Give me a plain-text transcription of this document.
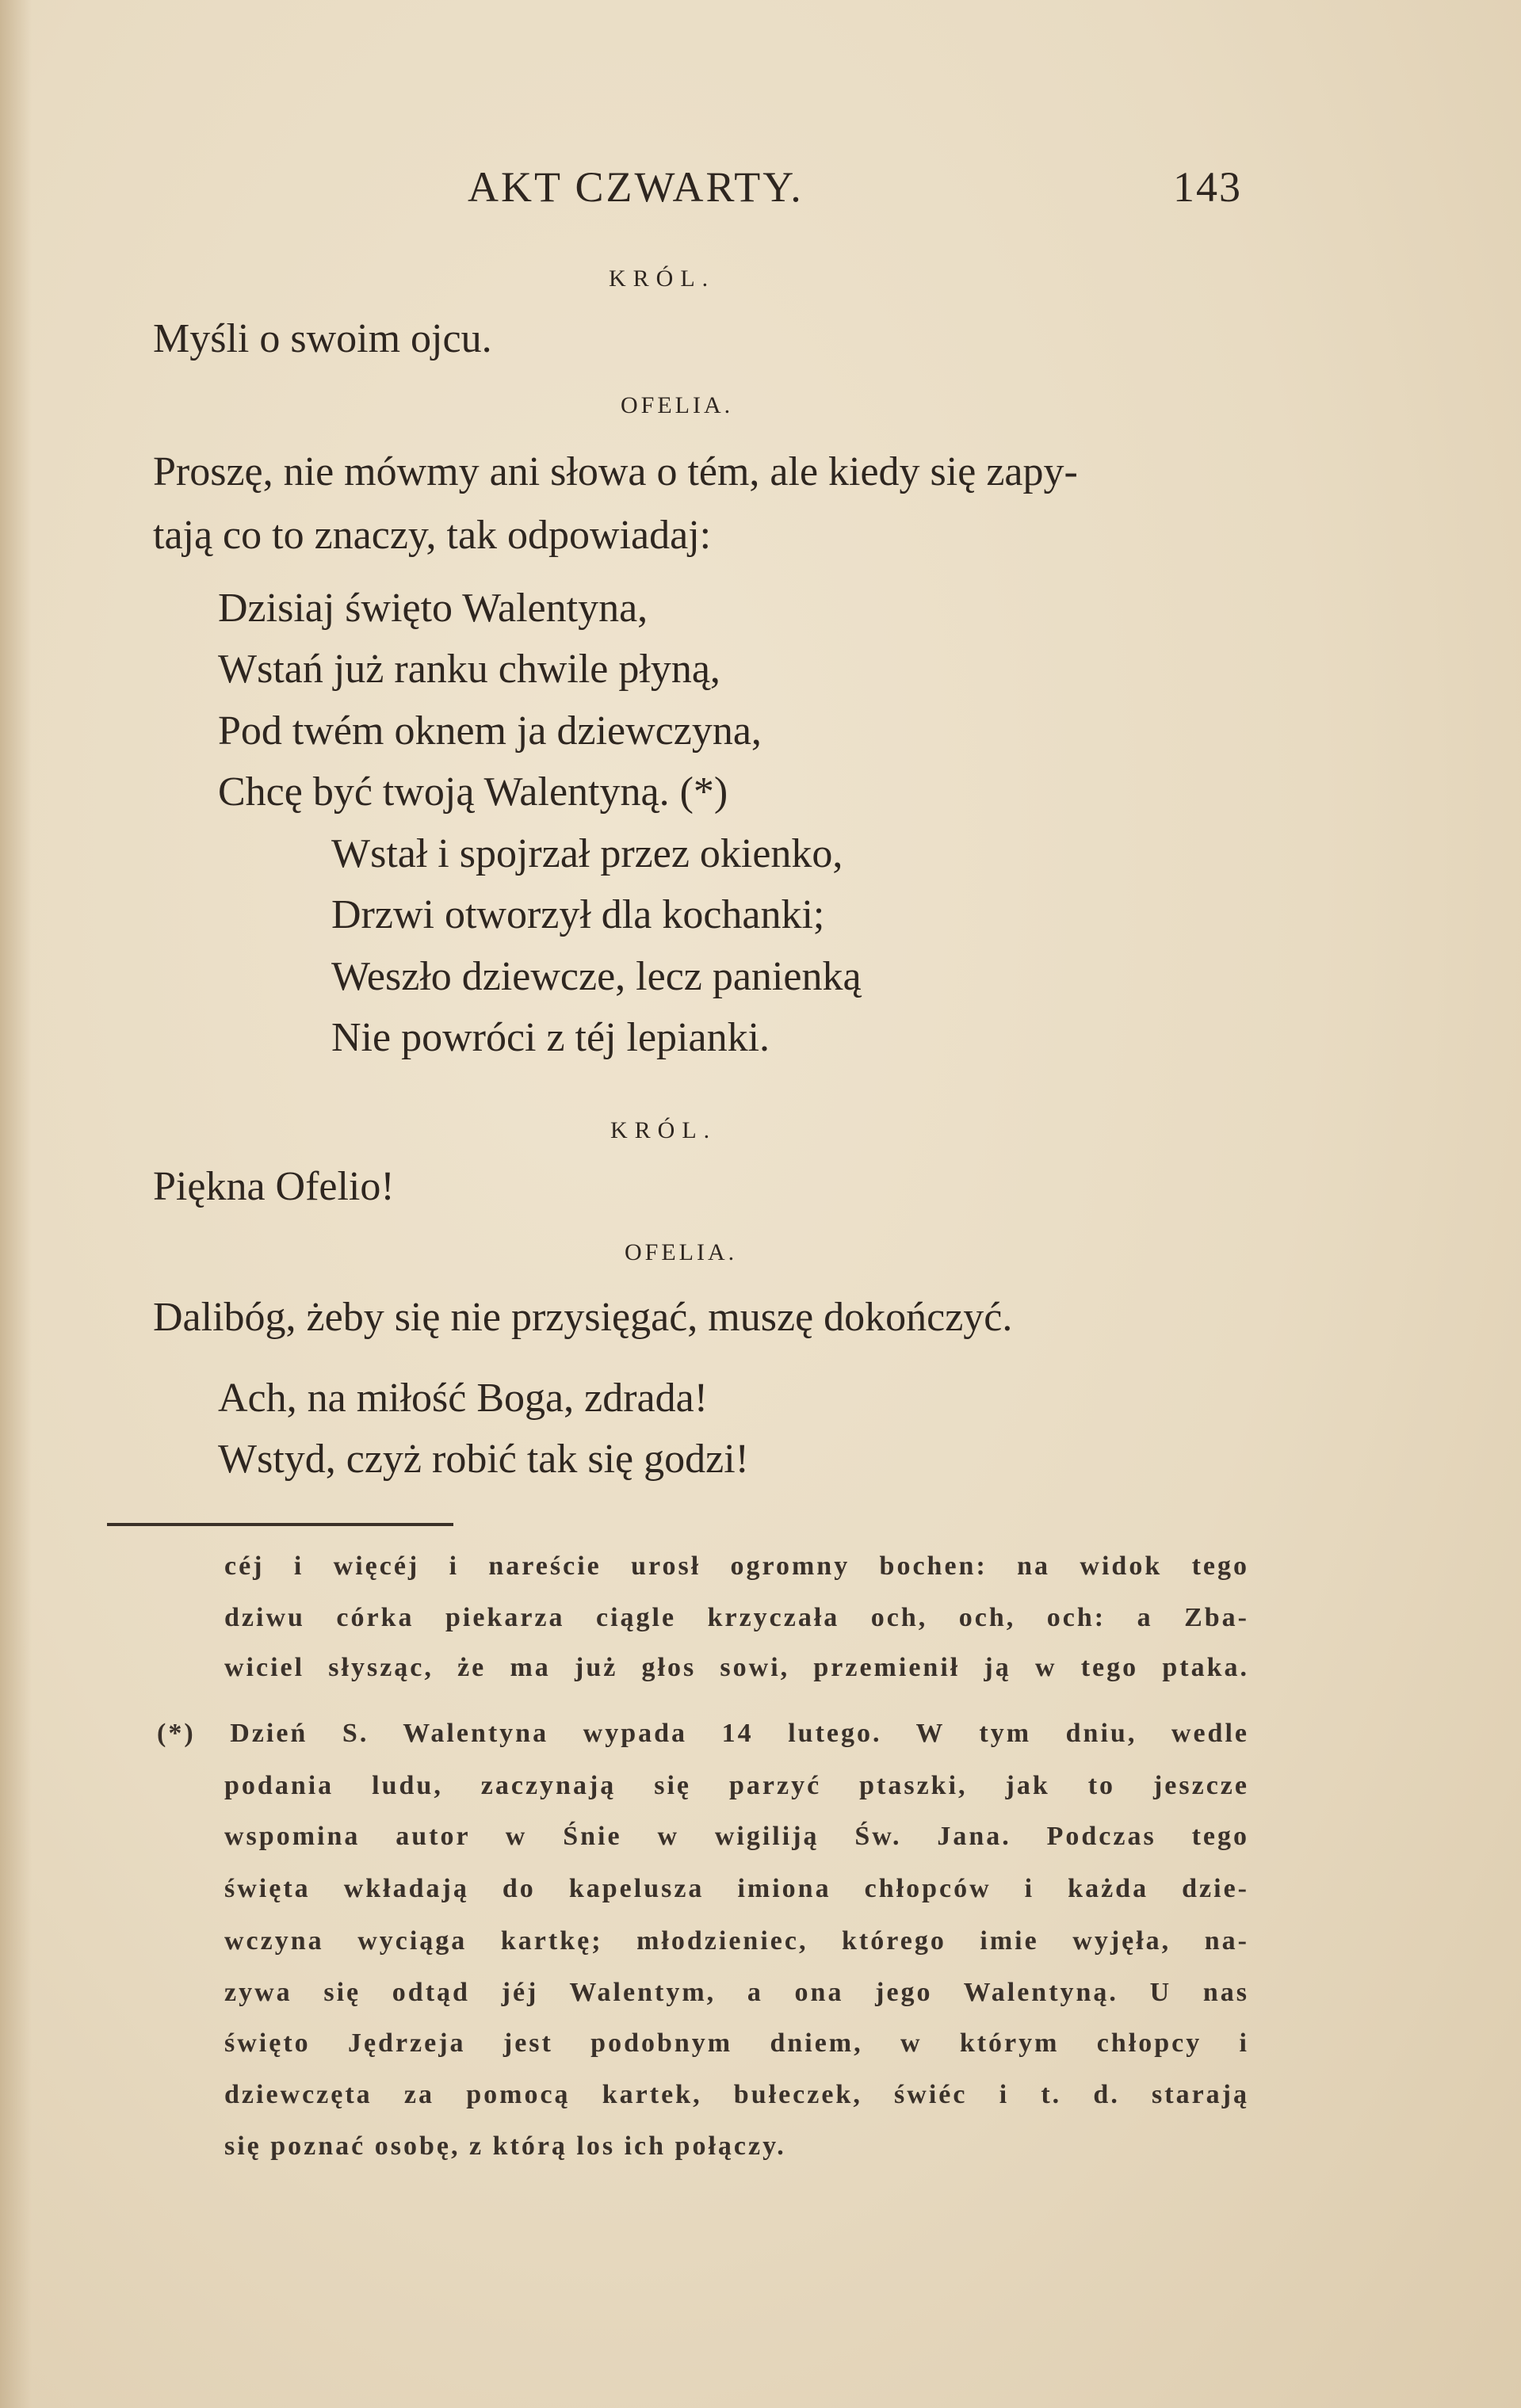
AKT CZWARTY.	143
KRÓL.
Myśli o swoim ojcu.
OFELIA.
Proszę, nie mówmy ani słowa o tém, ale kiedy się zapy-
tają co to znaczy, tak odpowiadaj:
Dzisiaj święto Walentyna,
Wstań już ranku chwile płyną,
Pod twém oknem ja dziewczyna,
Chcę być twoją Walentyną. (*)
Wstał i spojrzał przez okienko,
Drzwi otworzył dla kochanki;
Weszło dziewcze, lecz panienką
Nie powróci z téj lepianki.
KRÓL.
Piękna Ofelio!
OFELIA.
Dalibóg, żeby się nie przysięgać, muszę dokończyć.
Ach, na miłość Boga, zdrada!
Wstyd, czyż robić tak się godzi!
céj i więcéj i nareście urosł ogromny bochen: na widok tego
dziwu córka piekarza ciągle krzyczała och, och, och: a Zba-
wiciel słysząc, że ma już głos sowi, przemienił ją w tego ptaka.
(*) Dzień S. Walentyna wypada 14 lutego. W tym dniu, wedle
podania ludu, zaczynają się parzyć ptaszki, jak to jeszcze
wspomina autor w Śnie w wigiliją Św. Jana. Podczas tego
święta wkładają do kapelusza imiona chłopców i każda dzie-
wczyna wyciąga kartkę; młodzieniec, którego imie wyjęła, na-
zywa się odtąd jéj Walentym, a ona jego Walentyną. U nas
święto Jędrzeja jest podobnym dniem, w którym chłopcy i
dziewczęta za pomocą kartek, bułeczek, świéc i t. d. starają
się poznać osobę, z którą los ich połączy.
